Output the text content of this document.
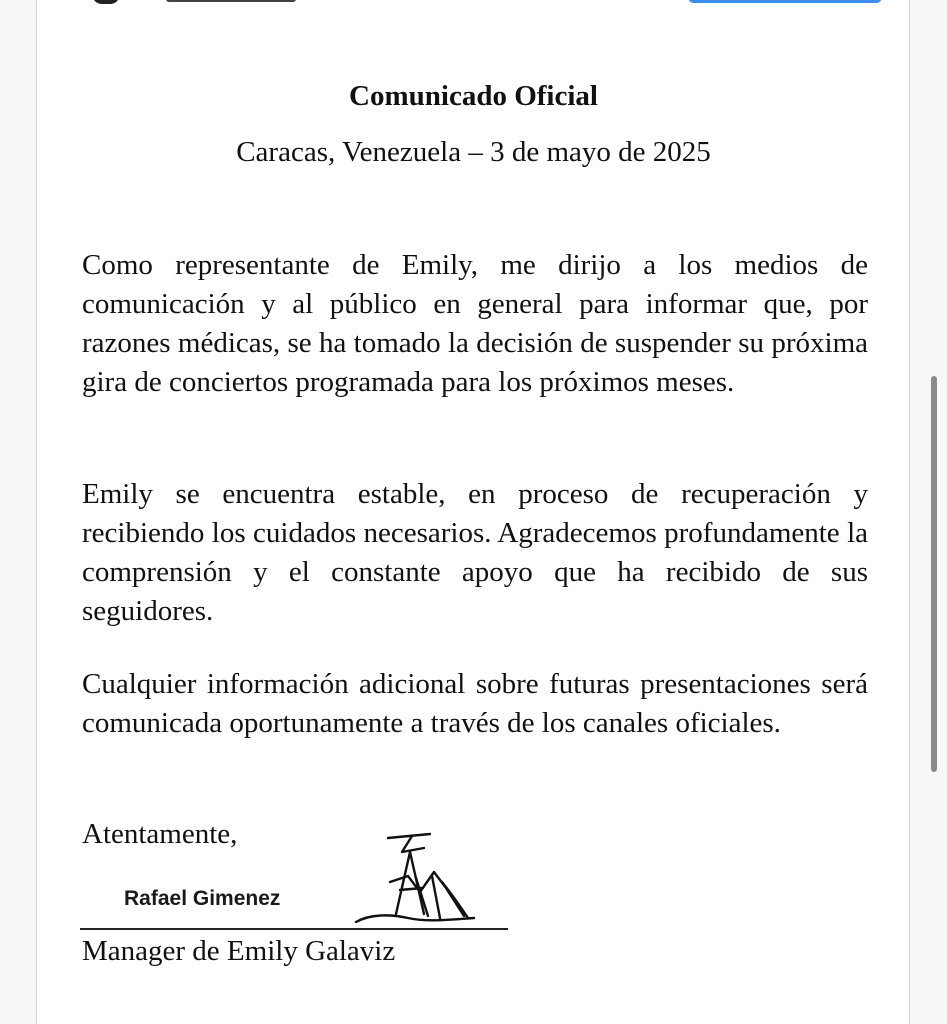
Comunicado Oficial
Caracas, Venezuela – 3 de mayo de 2025

Como representante de Emily, me dirijo a los medios de comunicación y al público en general para informar que, por razones médicas, se ha tomado la decisión de suspender su próxima gira de conciertos programada para los próximos meses.

Emily se encuentra estable, en proceso de recuperación y recibiendo los cuidados necesarios. Agradecemos profundamente la comprensión y el constante apoyo que ha recibido de sus seguidores.

Cualquier información adicional sobre futuras presentaciones será comunicada oportunamente a través de los canales oficiales.

Atentamente,
Rafael Gimenez
Manager de Emily Galaviz
